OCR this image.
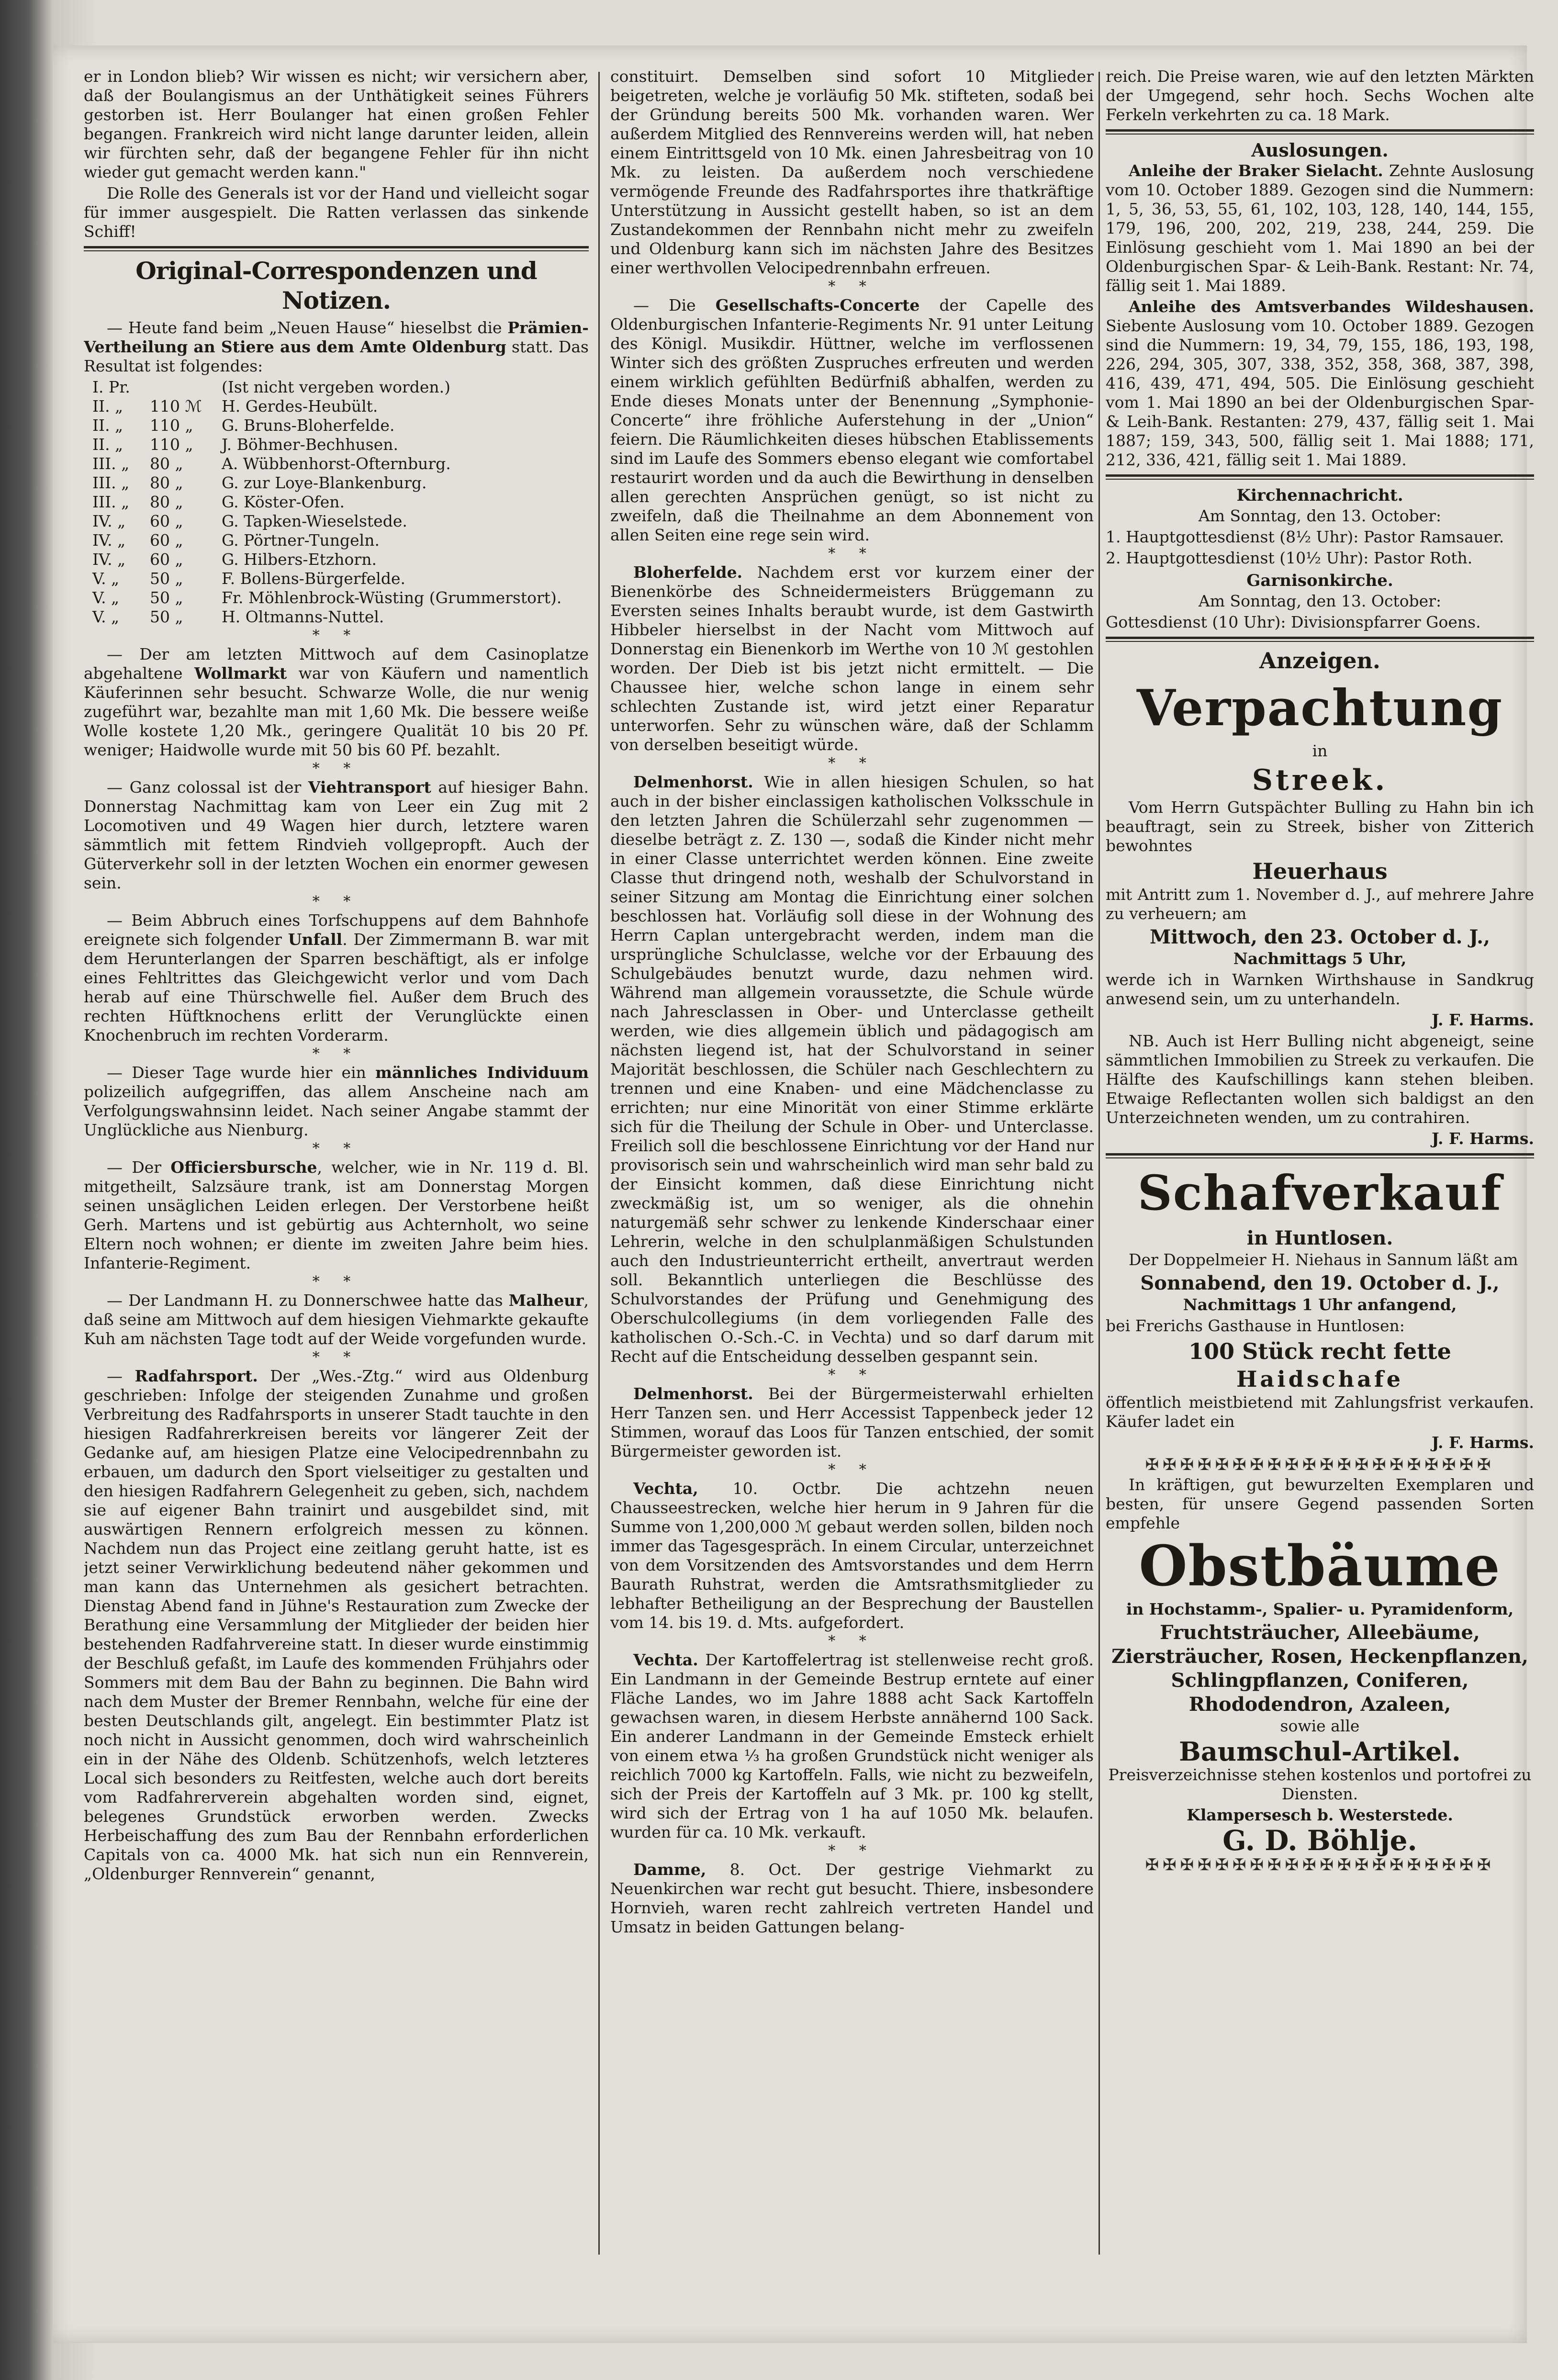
er in London blieb? Wir wissen es nicht; wir versichern aber, daß der Boulangismus an der Unthätigkeit seines Führers gestorben ist. Herr Boulanger hat einen großen Fehler begangen. Frankreich wird nicht lange darunter leiden, allein wir fürchten sehr, daß der begangene Fehler für ihn nicht wieder gut gemacht werden kann."

Die Rolle des Generals ist vor der Hand und vielleicht sogar für immer ausgespielt. Die Ratten verlassen das sinkende Schiff!

Original-Correspondenzen und Notizen.

— Heute fand beim „Neuen Hause“ hieselbst die Prämien-Vertheilung an Stiere aus dem Amte Oldenburg statt. Das Resultat ist folgendes:

I. Pr.	(Ist nicht vergeben worden.)
II. „	110 ℳ	H. Gerdes-Heubült.
II. „	110 „	G. Bruns-Bloherfelde.
II. „	110 „	J. Böhmer-Bechhusen.
III. „	80 „	A. Wübbenhorst-Ofternburg.
III. „	80 „	G. zur Loye-Blankenburg.
III. „	80 „	G. Köster-Ofen.
IV. „	60 „	G. Tapken-Wieselstede.
IV. „	60 „	G. Pörtner-Tungeln.
IV. „	60 „	G. Hilbers-Etzhorn.
V. „	50 „	F. Bollens-Bürgerfelde.
V. „	50 „	Fr. Möhlenbrock-Wüsting (Grummerstort).
V. „	50 „	H. Oltmanns-Nuttel.
* *

— Der am letzten Mittwoch auf dem Casinoplatze abgehaltene Wollmarkt war von Käufern und namentlich Käuferinnen sehr besucht. Schwarze Wolle, die nur wenig zugeführt war, bezahlte man mit 1,60 Mk. Die bessere weiße Wolle kostete 1,20 Mk., geringere Qualität 10 bis 20 Pf. weniger; Haidwolle wurde mit 50 bis 60 Pf. bezahlt.

* *

— Ganz colossal ist der Viehtransport auf hiesiger Bahn. Donnerstag Nachmittag kam von Leer ein Zug mit 2 Locomotiven und 49 Wagen hier durch, letztere waren sämmtlich mit fettem Rindvieh vollgepropft. Auch der Güterverkehr soll in der letzten Wochen ein enormer gewesen sein.

* *

— Beim Abbruch eines Torfschuppens auf dem Bahnhofe ereignete sich folgender Unfall. Der Zimmermann B. war mit dem Herunterlangen der Sparren beschäftigt, als er infolge eines Fehltrittes das Gleichgewicht verlor und vom Dach herab auf eine Thürschwelle fiel. Außer dem Bruch des rechten Hüftknochens erlitt der Verunglückte einen Knochenbruch im rechten Vorderarm.

* *

— Dieser Tage wurde hier ein männliches Individuum polizeilich aufgegriffen, das allem Anscheine nach am Verfolgungswahnsinn leidet. Nach seiner Angabe stammt der Unglückliche aus Nienburg.

* *

— Der Officiersbursche, welcher, wie in Nr. 119 d. Bl. mitgetheilt, Salzsäure trank, ist am Donnerstag Morgen seinen unsäglichen Leiden erlegen. Der Verstorbene heißt Gerh. Martens und ist gebürtig aus Achternholt, wo seine Eltern noch wohnen; er diente im zweiten Jahre beim hies. Infanterie-Regiment.

* *

— Der Landmann H. zu Donnerschwee hatte das Malheur, daß seine am Mittwoch auf dem hiesigen Viehmarkte gekaufte Kuh am nächsten Tage todt auf der Weide vorgefunden wurde.

* *

— Radfahrsport. Der „Wes.-Ztg.“ wird aus Oldenburg geschrieben: Infolge der steigenden Zunahme und großen Verbreitung des Radfahrsports in unserer Stadt tauchte in den hiesigen Radfahrerkreisen bereits vor längerer Zeit der Gedanke auf, am hiesigen Platze eine Velocipedrennbahn zu erbauen, um dadurch den Sport vielseitiger zu gestalten und den hiesigen Radfahrern Gelegenheit zu geben, sich, nachdem sie auf eigener Bahn trainirt und ausgebildet sind, mit auswärtigen Rennern erfolgreich messen zu können. Nachdem nun das Project eine zeitlang geruht hatte, ist es jetzt seiner Verwirklichung bedeutend näher gekommen und man kann das Unternehmen als gesichert betrachten. Dienstag Abend fand in Jühne's Restauration zum Zwecke der Berathung eine Versammlung der Mitglieder der beiden hier bestehenden Radfahrvereine statt. In dieser wurde einstimmig der Beschluß gefaßt, im Laufe des kommenden Frühjahrs oder Sommers mit dem Bau der Bahn zu beginnen. Die Bahn wird nach dem Muster der Bremer Rennbahn, welche für eine der besten Deutschlands gilt, angelegt. Ein bestimmter Platz ist noch nicht in Aussicht genommen, doch wird wahrscheinlich ein in der Nähe des Oldenb. Schützenhofs, welch letzteres Local sich besonders zu Reitfesten, welche auch dort bereits vom Radfahrerverein abgehalten worden sind, eignet, belegenes Grundstück erworben werden. Zwecks Herbeischaffung des zum Bau der Rennbahn erforderlichen Capitals von ca. 4000 Mk. hat sich nun ein Rennverein, „Oldenburger Rennverein“ genannt,

constituirt. Demselben sind sofort 10 Mitglieder beigetreten, welche je vorläufig 50 Mk. stifteten, sodaß bei der Gründung bereits 500 Mk. vorhanden waren. Wer außerdem Mitglied des Rennvereins werden will, hat neben einem Eintrittsgeld von 10 Mk. einen Jahresbeitrag von 10 Mk. zu leisten. Da außerdem noch verschiedene vermögende Freunde des Radfahrsportes ihre thatkräftige Unterstützung in Aussicht gestellt haben, so ist an dem Zustandekommen der Rennbahn nicht mehr zu zweifeln und Oldenburg kann sich im nächsten Jahre des Besitzes einer werthvollen Velocipedrennbahn erfreuen.

* *

— Die Gesellschafts-Concerte der Capelle des Oldenburgischen Infanterie-Regiments Nr. 91 unter Leitung des Königl. Musikdir. Hüttner, welche im verflossenen Winter sich des größten Zuspruches erfreuten und werden einem wirklich gefühlten Bedürfniß abhalfen, werden zu Ende dieses Monats unter der Benennung „Symphonie-Concerte“ ihre fröhliche Auferstehung in der „Union“ feiern. Die Räumlichkeiten dieses hübschen Etablissements sind im Laufe des Sommers ebenso elegant wie comfortabel restaurirt worden und da auch die Bewirthung in denselben allen gerechten Ansprüchen genügt, so ist nicht zu zweifeln, daß die Theilnahme an dem Abonnement von allen Seiten eine rege sein wird.

* *

Bloherfelde. Nachdem erst vor kurzem einer der Bienenkörbe des Schneidermeisters Brüggemann zu Eversten seines Inhalts beraubt wurde, ist dem Gastwirth Hibbeler hierselbst in der Nacht vom Mittwoch auf Donnerstag ein Bienenkorb im Werthe von 10 ℳ gestohlen worden. Der Dieb ist bis jetzt nicht ermittelt. — Die Chaussee hier, welche schon lange in einem sehr schlechten Zustande ist, wird jetzt einer Reparatur unterworfen. Sehr zu wünschen wäre, daß der Schlamm von derselben beseitigt würde.

* *

Delmenhorst. Wie in allen hiesigen Schulen, so hat auch in der bisher einclassigen katholischen Volksschule in den letzten Jahren die Schülerzahl sehr zugenommen — dieselbe beträgt z. Z. 130 —, sodaß die Kinder nicht mehr in einer Classe unterrichtet werden können. Eine zweite Classe thut dringend noth, weshalb der Schulvorstand in seiner Sitzung am Montag die Einrichtung einer solchen beschlossen hat. Vorläufig soll diese in der Wohnung des Herrn Caplan untergebracht werden, indem man die ursprüngliche Schulclasse, welche vor der Erbauung des Schulgebäudes benutzt wurde, dazu nehmen wird. Während man allgemein voraussetzte, die Schule würde nach Jahresclassen in Ober- und Unterclasse getheilt werden, wie dies allgemein üblich und pädagogisch am nächsten liegend ist, hat der Schulvorstand in seiner Majorität beschlossen, die Schüler nach Geschlechtern zu trennen und eine Knaben- und eine Mädchenclasse zu errichten; nur eine Minorität von einer Stimme erklärte sich für die Theilung der Schule in Ober- und Unterclasse. Freilich soll die beschlossene Einrichtung vor der Hand nur provisorisch sein und wahrscheinlich wird man sehr bald zu der Einsicht kommen, daß diese Einrichtung nicht zweckmäßig ist, um so weniger, als die ohnehin naturgemäß sehr schwer zu lenkende Kinderschaar einer Lehrerin, welche in den schulplanmäßigen Schulstunden auch den Industrieunterricht ertheilt, anvertraut werden soll. Bekanntlich unterliegen die Beschlüsse des Schulvorstandes der Prüfung und Genehmigung des Oberschulcollegiums (in dem vorliegenden Falle des katholischen O.-Sch.-C. in Vechta) und so darf darum mit Recht auf die Entscheidung desselben gespannt sein.

* *

Delmenhorst. Bei der Bürgermeisterwahl erhielten Herr Tanzen sen. und Herr Accessist Tappenbeck jeder 12 Stimmen, worauf das Loos für Tanzen entschied, der somit Bürgermeister geworden ist.

* *

Vechta, 10. Octbr. Die achtzehn neuen Chausseestrecken, welche hier herum in 9 Jahren für die Summe von 1,200,000 ℳ gebaut werden sollen, bilden noch immer das Tagesgespräch. In einem Circular, unterzeichnet von dem Vorsitzenden des Amtsvorstandes und dem Herrn Baurath Ruhstrat, werden die Amtsrathsmitglieder zu lebhafter Betheiligung an der Besprechung der Baustellen vom 14. bis 19. d. Mts. aufgefordert.

* *

Vechta. Der Kartoffelertrag ist stellenweise recht groß. Ein Landmann in der Gemeinde Bestrup erntete auf einer Fläche Landes, wo im Jahre 1888 acht Sack Kartoffeln gewachsen waren, in diesem Herbste annähernd 100 Sack. Ein anderer Landmann in der Gemeinde Emsteck erhielt von einem etwa ⅓ ha großen Grundstück nicht weniger als reichlich 7000 kg Kartoffeln. Falls, wie nicht zu bezweifeln, sich der Preis der Kartoffeln auf 3 Mk. pr. 100 kg stellt, wird sich der Ertrag von 1 ha auf 1050 Mk. belaufen. wurden für ca. 10 Mk. verkauft.

* *

Damme, 8. Oct. Der gestrige Viehmarkt zu Neuenkirchen war recht gut besucht. Thiere, insbesondere Hornvieh, waren recht zahlreich vertreten Handel und Umsatz in beiden Gattungen belang-

reich. Die Preise waren, wie auf den letzten Märkten der Umgegend, sehr hoch. Sechs Wochen alte Ferkeln verkehrten zu ca. 18 Mark.

Auslosungen.

Anleihe der Braker Sielacht. Zehnte Auslosung vom 10. October 1889. Gezogen sind die Nummern: 1, 5, 36, 53, 55, 61, 102, 103, 128, 140, 144, 155, 179, 196, 200, 202, 219, 238, 244, 259. Die Einlösung geschieht vom 1. Mai 1890 an bei der Oldenburgischen Spar- & Leih-Bank. Restant: Nr. 74, fällig seit 1. Mai 1889.

Anleihe des Amtsverbandes Wildeshausen. Siebente Auslosung vom 10. October 1889. Gezogen sind die Nummern: 19, 34, 79, 155, 186, 193, 198, 226, 294, 305, 307, 338, 352, 358, 368, 387, 398, 416, 439, 471, 494, 505. Die Einlösung geschieht vom 1. Mai 1890 an bei der Oldenburgischen Spar- & Leih-Bank. Restanten: 279, 437, fällig seit 1. Mai 1887; 159, 343, 500, fällig seit 1. Mai 1888; 171, 212, 336, 421, fällig seit 1. Mai 1889.

Kirchennachricht.

Am Sonntag, den 13. October:

1. Hauptgottesdienst (8½ Uhr): Pastor Ramsauer.

2. Hauptgottesdienst (10½ Uhr): Pastor Roth.

Garnisonkirche.

Am Sonntag, den 13. October:

Gottesdienst (10 Uhr): Divisionspfarrer Goens.

Anzeigen.
Verpachtung

in

Streek.

Vom Herrn Gutspächter Bulling zu Hahn bin ich beauftragt, sein zu Streek, bisher von Zitterich bewohntes

Heuerhaus

mit Antritt zum 1. November d. J., auf mehrere Jahre zu verheuern; am

Mittwoch, den 23. October d. J.,

Nachmittags 5 Uhr,

werde ich in Warnken Wirthshause in Sandkrug anwesend sein, um zu unterhandeln.

J. F. Harms.

NB. Auch ist Herr Bulling nicht abgeneigt, seine sämmtlichen Immobilien zu Streek zu verkaufen. Die Hälfte des Kaufschillings kann stehen bleiben. Etwaige Reflectanten wollen sich baldigst an den Unterzeichneten wenden, um zu contrahiren.

J. F. Harms.

Schafverkauf
in Huntlosen.

Der Doppelmeier H. Niehaus in Sannum läßt am

Sonnabend, den 19. October d. J.,

Nachmittags 1 Uhr anfangend,

bei Frerichs Gasthause in Huntlosen:

100 Stück recht fette
Haidschafe

öffentlich meistbietend mit Zahlungsfrist verkaufen. Käufer ladet ein

J. F. Harms.

✠✠✠✠✠✠✠✠✠✠✠✠✠✠✠✠✠✠✠✠

In kräftigen, gut bewurzelten Exemplaren und besten, für unsere Gegend passenden Sorten empfehle

Obstbäume

in Hochstamm-, Spalier- u. Pyramidenform,

Fruchtsträucher, Alleebäume,
Ziersträucher, Rosen, Heckenpflanzen,
Schlingpflanzen, Coniferen, Rhododendron, Azaleen,

sowie alle

Baumschul-Artikel.

Preisverzeichnisse stehen kostenlos und portofrei zu Diensten.

Klampersesch b. Westerstede.

G. D. Böhlje.
✠✠✠✠✠✠✠✠✠✠✠✠✠✠✠✠✠✠✠✠
